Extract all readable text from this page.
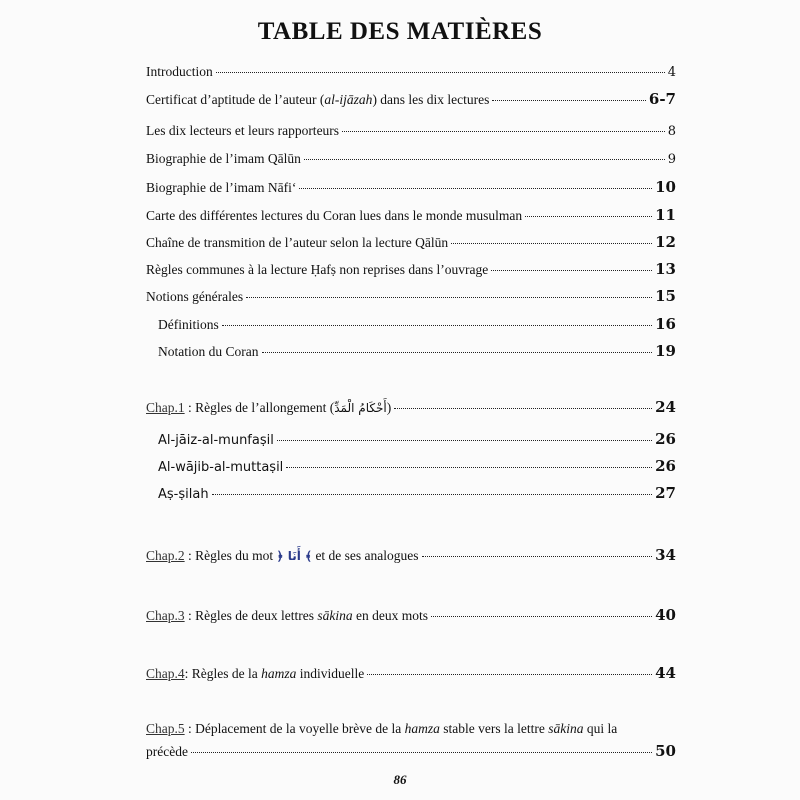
TABLE DES MATIÈRES
Introduction	4
Certificat d’aptitude de l’auteur (al-ijāzah) dans les dix lectures	6-7
Les dix lecteurs et leurs rapporteurs	8
Biographie de l’imam Qālūn	9
Biographie de l’imam Nāfi‘	10
Carte des différentes lectures du Coran lues dans le monde musulman	11
Chaîne de transmition de l’auteur selon la lecture Qālūn	12
Règles communes à la lecture Ḥafṣ non reprises dans l’ouvrage	13
Notions générales	15
Définitions	16
Notation du Coran	19
Chap.1 : Règles de l’allongement (أَحْكَامُ الْمَدِّ)	24
Al-jāiz-al-munfaṣil	26
Al-wājib-al-muttaṣil	26
Aṣ-ṣilah	27
Chap.2 : Règles du mot ﴿ أَنَا ﴾ et de ses analogues	34
Chap.3 : Règles de deux lettres sākina en deux mots	40
Chap.4: Règles de la hamza individuelle	44
Chap.5 : Déplacement de la voyelle brève de la hamza stable vers la lettre sākina qui la
précède	50
86
